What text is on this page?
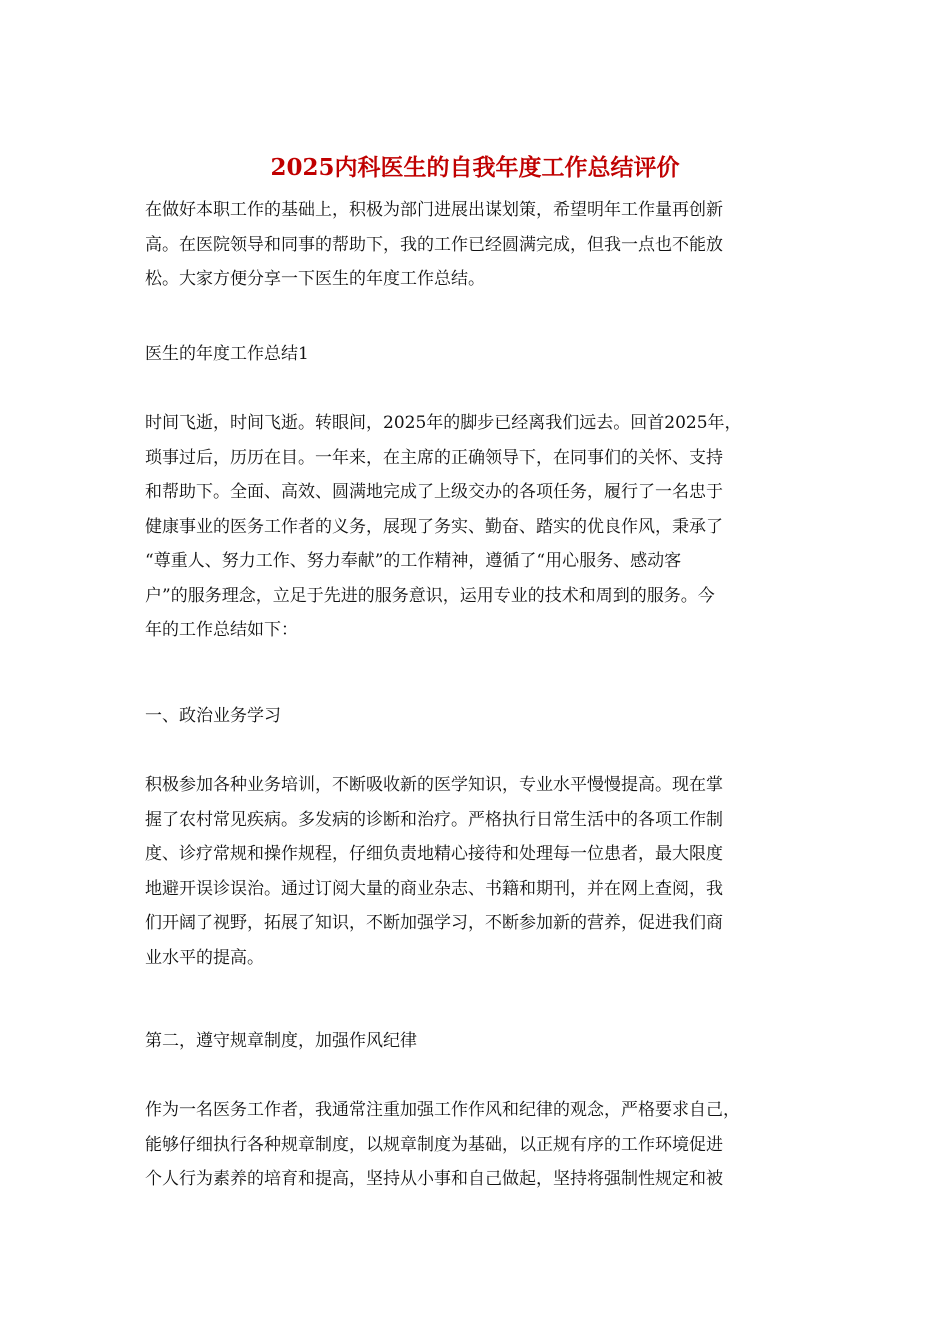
2025内科医生的自我年度工作总结评价
在做好本职工作的基础上，积极为部门进展出谋划策，希望明年工作量再创新
高。在医院领导和同事的帮助下，我的工作已经圆满完成，但我一点也不能放
松。大家方便分享一下医生的年度工作总结。
医生的年度工作总结1
时间飞逝，时间飞逝。转眼间，2025年的脚步已经离我们远去。回首2025年，
琐事过后，历历在目。一年来，在主席的正确领导下，在同事们的关怀、支持
和帮助下。全面、高效、圆满地完成了上级交办的各项任务，履行了一名忠于
健康事业的医务工作者的义务，展现了务实、勤奋、踏实的优良作风，秉承了
“尊重人、努力工作、努力奉献”的工作精神，遵循了“用心服务、感动客
户”的服务理念，立足于先进的服务意识，运用专业的技术和周到的服务。今
年的工作总结如下：
一、政治业务学习
积极参加各种业务培训，不断吸收新的医学知识，专业水平慢慢提高。现在掌
握了农村常见疾病。多发病的诊断和治疗。严格执行日常生活中的各项工作制
度、诊疗常规和操作规程，仔细负责地精心接待和处理每一位患者，最大限度
地避开误诊误治。通过订阅大量的商业杂志、书籍和期刊，并在网上查阅，我
们开阔了视野，拓展了知识，不断加强学习，不断参加新的营养，促进我们商
业水平的提高。
第二，遵守规章制度，加强作风纪律
作为一名医务工作者，我通常注重加强工作作风和纪律的观念，严格要求自己，
能够仔细执行各种规章制度，以规章制度为基础，以正规有序的工作环境促进
个人行为素养的培育和提高，坚持从小事和自己做起，坚持将强制性规定和被
